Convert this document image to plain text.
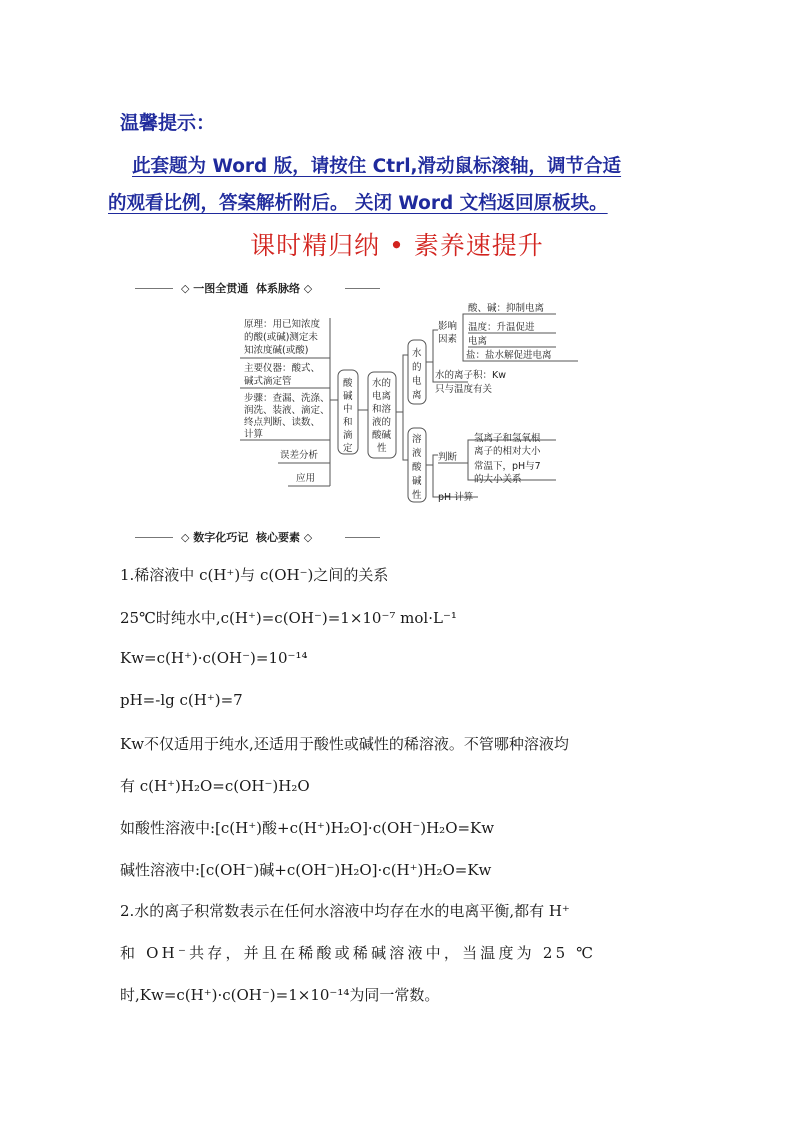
温馨提示：
此套题为 Word 版，请按住 Ctrl,滑动鼠标滚轴，调节合适
的观看比例，答案解析附后。 关闭 Word 文档返回原板块。
课时精归纳 • 素养速提升
◇ 一图全贯通 体系脉络 ◇
原理：用已知浓度
的酸(或碱)测定未
知浓度碱(或酸)
主要仪器：酸式、
碱式滴定管
步骤：查漏、洗涤、
润洗、装液、滴定、
终点判断、读数、
计算
误差分析
应用
酸
碱
中
和
滴
定
水的
电离
和溶
液的
酸碱
性
水
的
电
离
影响
因素
酸、碱：抑制电离
温度：升温促进
电离
盐：盐水解促进电离
水的离子积：Kw
只与温度有关
溶
液
酸
碱
性
判断
氢离子和氢氧根
离子的相对大小
常温下，pH与7
的大小关系
pH 计算
◇ 数字化巧记 核心要素 ◇
1.稀溶液中 c(H⁺)与 c(OH⁻)之间的关系
25℃时纯水中,c(H⁺)=c(OH⁻)=1×10⁻⁷ mol·L⁻¹
Kw=c(H⁺)·c(OH⁻)=10⁻¹⁴
pH=-lg c(H⁺)=7
Kw不仅适用于纯水,还适用于酸性或碱性的稀溶液。不管哪种溶液均
有 c(H⁺)H₂O=c(OH⁻)H₂O
如酸性溶液中:[c(H⁺)酸+c(H⁺)H₂O]·c(OH⁻)H₂O=Kw
碱性溶液中:[c(OH⁻)碱+c(OH⁻)H₂O]·c(H⁺)H₂O=Kw
2.水的离子积常数表示在任何水溶液中均存在水的电离平衡,都有 H⁺
和 OH⁻共存，并且在稀酸或稀碱溶液中，当温度为 25 ℃
时,Kw=c(H⁺)·c(OH⁻)=1×10⁻¹⁴为同一常数。
